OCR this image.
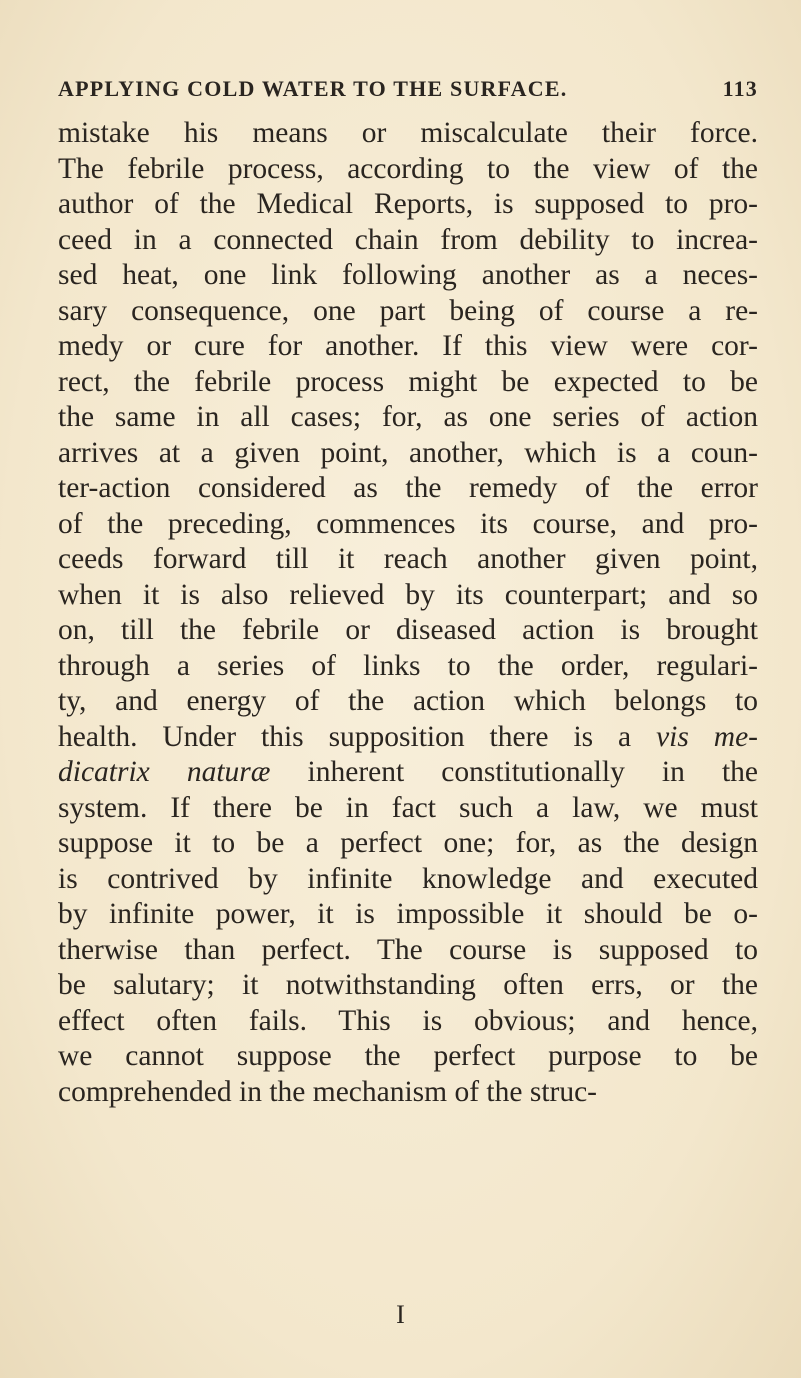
APPLYING COLD WATER TO THE SURFACE.	113
mistake his means or miscalculate their force.
The febrile process, according to the view of the
author of the Medical Reports, is supposed to pro-
ceed in a connected chain from debility to increa-
sed heat, one link following another as a neces-
sary consequence, one part being of course a re-
medy or cure for another. If this view were cor-
rect, the febrile process might be expected to be
the same in all cases; for, as one series of action
arrives at a given point, another, which is a coun-
ter-action considered as the remedy of the error
of the preceding, commences its course, and pro-
ceeds forward till it reach another given point,
when it is also relieved by its counterpart; and so
on, till the febrile or diseased action is brought
through a series of links to the order, regulari-
ty, and energy of the action which belongs to
health. Under this supposition there is a vis me-
dicatrix naturæ inherent constitutionally in the
system. If there be in fact such a law, we must
suppose it to be a perfect one; for, as the design
is contrived by infinite knowledge and executed
by infinite power, it is impossible it should be o-
therwise than perfect. The course is supposed to
be salutary; it notwithstanding often errs, or the
effect often fails. This is obvious; and hence,
we cannot suppose the perfect purpose to be
comprehended in the mechanism of the struc-
I
